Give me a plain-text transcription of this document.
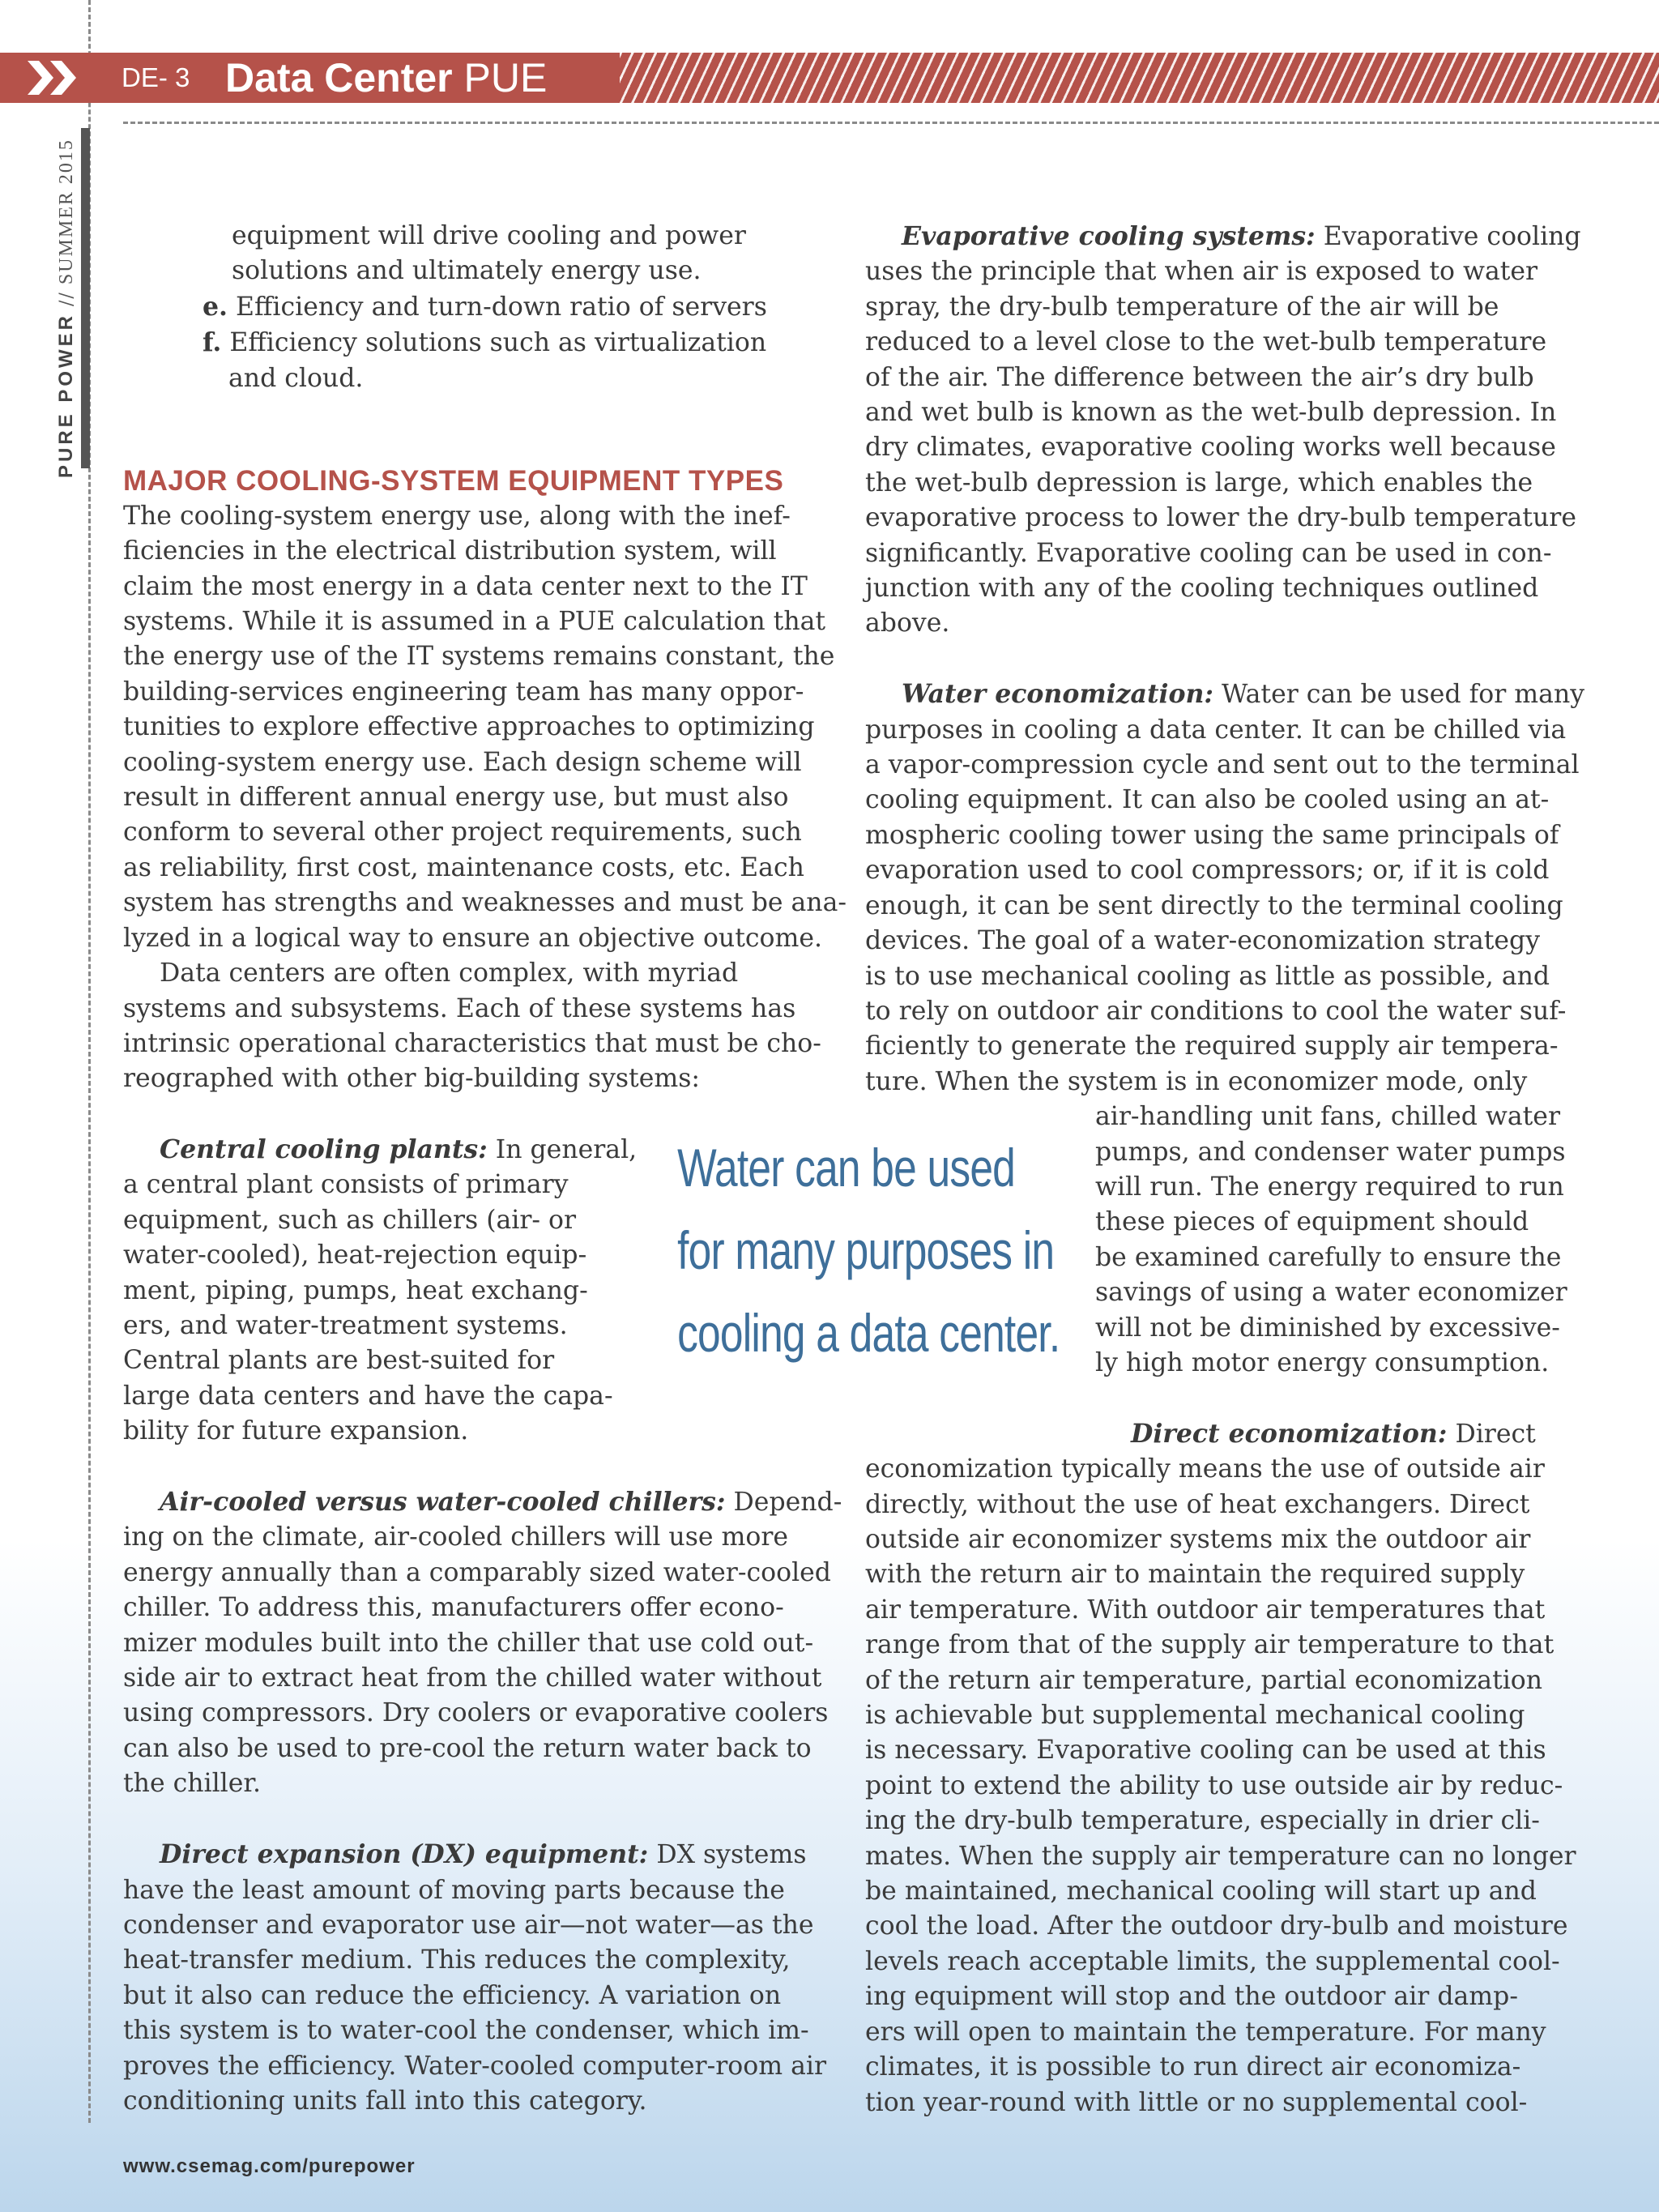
DE- 3 Data Center PUE
PURE POWER//SUMMER 2015	equipment will drive cooling and power
solutions and ultimately energy use.
e. Efficiency and turn-down ratio of servers
f. Efficiency solutions such as virtualization
and cloud.
MAJOR COOLING-SYSTEM EQUIPMENT TYPES
The cooling-system energy use, along with the inef-
ficiencies in the electrical distribution system, will
claim the most energy in a data center next to the IT
systems. While it is assumed in a PUE calculation that
the energy use of the IT systems remains constant, the
building-services engineering team has many oppor-
tunities to explore effective approaches to optimizing
cooling-system energy use. Each design scheme will
result in different annual energy use, but must also
conform to several other project requirements, such
as reliability, first cost, maintenance costs, etc. Each
system has strengths and weaknesses and must be ana-
lyzed in a logical way to ensure an objective outcome.
Data centers are often complex, with myriad
systems and subsystems. Each of these systems has
intrinsic operational characteristics that must be cho-
reographed with other big-building systems:
Central cooling plants: In general,
a central plant consists of primary
equipment, such as chillers (air- or
water-cooled), heat-rejection equip-
ment, piping, pumps, heat exchang-
ers, and water-treatment systems.
Central plants are best-suited for
large data centers and have the capa-
bility for future expansion.
Air-cooled versus water-cooled chillers: Depend-
ing on the climate, air-cooled chillers will use more
energy annually than a comparably sized water-cooled
chiller. To address this, manufacturers offer econo-
mizer modules built into the chiller that use cold out-
side air to extract heat from the chilled water without
using compressors. Dry coolers or evaporative coolers
can also be used to pre-cool the return water back to
the chiller.
Direct expansion (DX) equipment: DX systems
have the least amount of moving parts because the
condenser and evaporator use air—not water—as the
heat-transfer medium. This reduces the complexity,
but it also can reduce the efficiency. A variation on
this system is to water-cool the condenser, which im-
proves the efficiency. Water-cooled computer-room air
conditioning units fall into this category.
Water can be used
for many purposes in
cooling a data center.
Evaporative cooling systems: Evaporative cooling
uses the principle that when air is exposed to water
spray, the dry-bulb temperature of the air will be
reduced to a level close to the wet-bulb temperature
of the air. The difference between the air’s dry bulb
and wet bulb is known as the wet-bulb depression. In
dry climates, evaporative cooling works well because
the wet-bulb depression is large, which enables the
evaporative process to lower the dry-bulb temperature
significantly. Evaporative cooling can be used in con-
junction with any of the cooling techniques outlined
above.
Water economization: Water can be used for many
purposes in cooling a data center. It can be chilled via
a vapor-compression cycle and sent out to the terminal
cooling equipment. It can also be cooled using an at-
mospheric cooling tower using the same principals of
evaporation used to cool compressors; or, if it is cold
enough, it can be sent directly to the terminal cooling
devices. The goal of a water-economization strategy
is to use mechanical cooling as little as possible, and
to rely on outdoor air conditions to cool the water suf-
ficiently to generate the required supply air tempera-
ture. When the system is in economizer mode, only
air-handling unit fans, chilled water
pumps, and condenser water pumps
will run. The energy required to run
these pieces of equipment should
be examined carefully to ensure the
savings of using a water economizer
will not be diminished by excessive-
ly high motor energy consumption.
Direct economization: Direct
economization typically means the use of outside air
directly, without the use of heat exchangers. Direct
outside air economizer systems mix the outdoor air
with the return air to maintain the required supply
air temperature. With outdoor air temperatures that
range from that of the supply air temperature to that
of the return air temperature, partial economization
is achievable but supplemental mechanical cooling
is necessary. Evaporative cooling can be used at this
point to extend the ability to use outside air by reduc-
ing the dry-bulb temperature, especially in drier cli-
mates. When the supply air temperature can no longer
be maintained, mechanical cooling will start up and
cool the load. After the outdoor dry-bulb and moisture
levels reach acceptable limits, the supplemental cool-
ing equipment will stop and the outdoor air damp-
ers will open to maintain the temperature. For many
climates, it is possible to run direct air economiza-
tion year-round with little or no supplemental cool-
www.csemag.com/purepower
